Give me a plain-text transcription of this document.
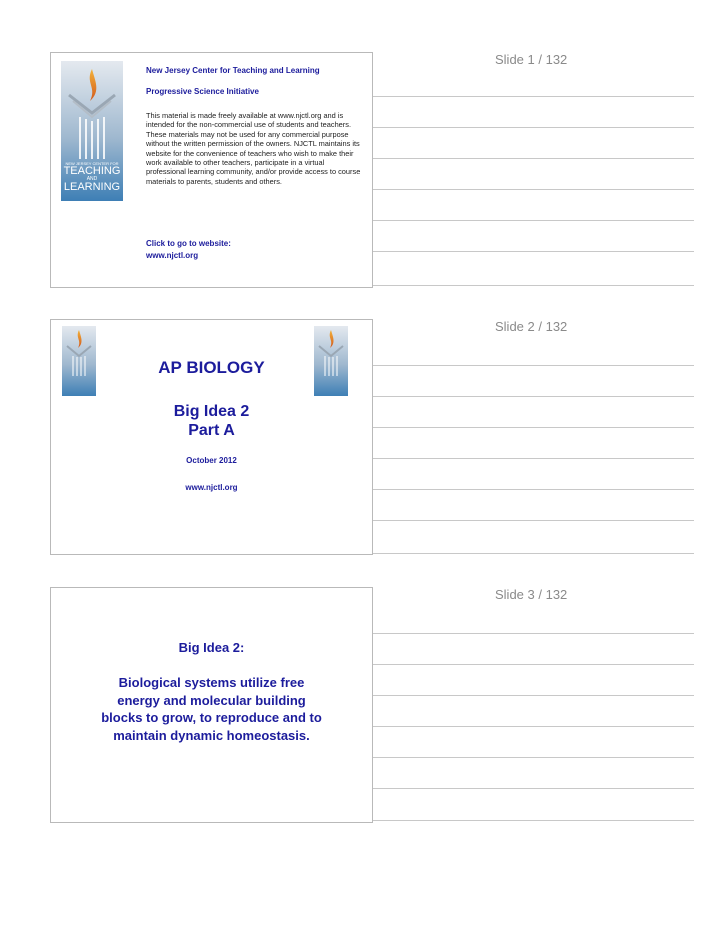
Slide 1 / 132
NEW JERSEY CENTER FOR
TEACHING
AND
LEARNING
New Jersey Center for Teaching and Learning
Progressive Science Initiative
This material is made freely available at www.njctl.org and is intended for the non-commercial use of students and teachers. These materials may not be used for any commercial purpose without the written permission of the owners. NJCTL maintains its website for the convenience of teachers who wish to make their work available to other teachers, participate in a virtual professional learning community, and/or provide access to course materials to parents, students and others.
Click to go to website:
www.njctl.org
Slide 2 / 132
AP BIOLOGY
Big Idea 2
Part A
October 2012
www.njctl.org
Slide 3 / 132
Big Idea 2:
Biological systems utilize free
energy and molecular building
blocks to grow, to reproduce and to
maintain dynamic homeostasis.
